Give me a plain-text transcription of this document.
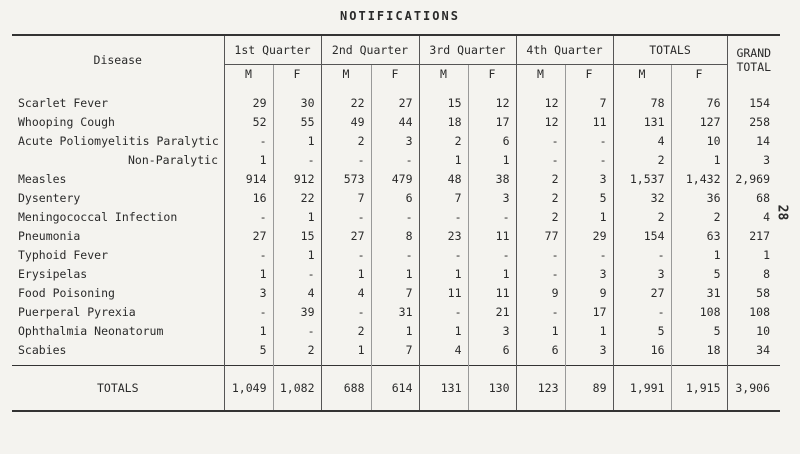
NOTIFICATIONS
28
Disease	1st Quarter		2nd Quarter		3rd Quarter		4th Quarter		TOTALS		GRAND
TOTAL

	M	F	M	F	M	F	M	F	M	F	
Scarlet Fever	29	30	22	27	15	12	12	7	78	76	154
Whooping Cough	52	55	49	44	18	17	12	11	131	127	258
Acute Poliomyelitis Paralytic	-	1	2	3	2	6	-	-	4	10	14
Non-Paralytic	1	-	-	-	1	1	-	-	2	1	3
Measles	914	912	573	479	48	38	2	3	1,537	1,432	2,969
Dysentery	16	22	7	6	7	3	2	5	32	36	68
Meningococcal Infection	-	1	-	-	-	-	2	1	2	2	4
Pneumonia	27	15	27	8	23	11	77	29	154	63	217
Typhoid Fever	-	1	-	-	-	-	-	-	-	1	1
Erysipelas	1	-	1	1	1	1	-	3	3	5	8
Food Poisoning	3	4	4	7	11	11	9	9	27	31	58
Puerperal Pyrexia	-	39	-	31	-	21	-	17	-	108	108
Ophthalmia Neonatorum	1	-	2	1	1	3	1	1	5	5	10
Scabies	5	2	1	7	4	6	6	3	16	18	34
TOTALS	1,049	1,082	688	614	131	130	123	89	1,991	1,915	3,906
